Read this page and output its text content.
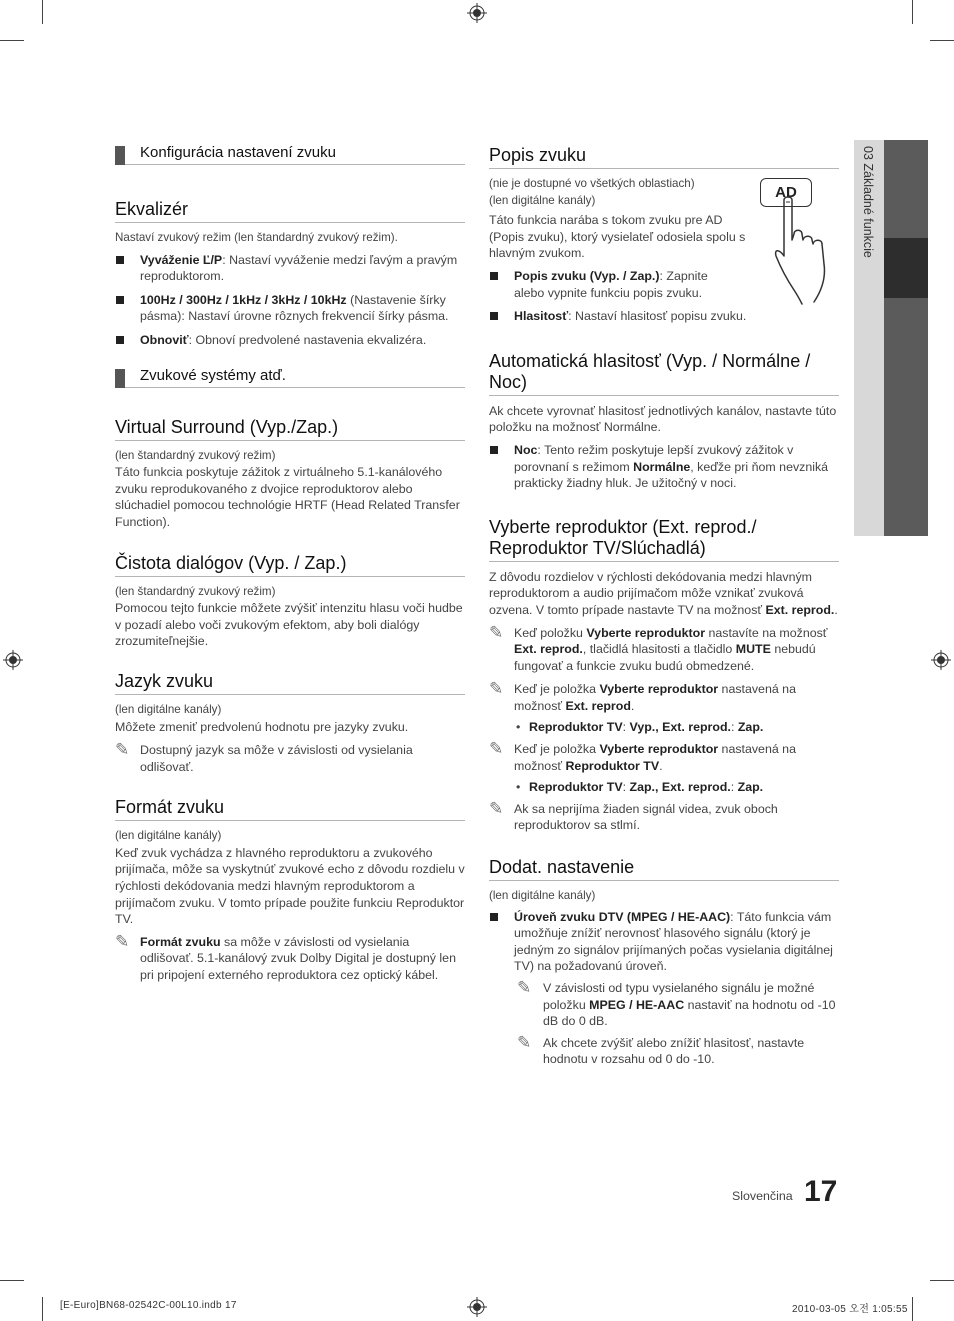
03 Základné funkcie
Konfigurácia nastavení zvuku
Ekvalizér

Nastaví zvukový režim (len štandardný zvukový režim).

Vyváženie Ľ/P: Nastaví vyváženie medzi ľavým a pravým reproduktorom.
100Hz / 300Hz / 1kHz / 3kHz / 10kHz (Nastavenie šírky pásma): Nastaví úrovne rôznych frekvencií šírky pásma.
Obnoviť: Obnoví predvolené nastavenia ekvalizéra.
Zvukové systémy atď.
Virtual Surround (Vyp./Zap.)

(len štandardný zvukový režim)

Táto funkcia poskytuje zážitok z virtuálneho 5.1-kanálového zvuku reprodukovaného z dvojice reproduktorov alebo slúchadiel pomocou technológie HRTF (Head Related Transfer Function).

Čistota dialógov (Vyp. / Zap.)

(len štandardný zvukový režim)

Pomocou tejto funkcie môžete zvýšiť intenzitu hlasu voči hudbe v pozadí alebo voči zvukovým efektom, aby boli dialógy zrozumiteľnejšie.

Jazyk zvuku

(len digitálne kanály)

Môžete zmeniť predvolenú hodnotu pre jazyky zvuku.

✎ Dostupný jazyk sa môže v závislosti od vysielania odlišovať.
Formát zvuku

(len digitálne kanály)

Keď zvuk vychádza z hlavného reproduktoru a zvukového prijímača, môže sa vyskytnúť zvukové echo z dôvodu rozdielu v rýchlosti dekódovania medzi hlavným reproduktorom a prijímačom zvuku. V tomto prípade použite funkciu Reproduktor TV.

✎ Formát zvuku sa môže v závislosti od vysielania odlišovať. 5.1-kanálový zvuk Dolby Digital je dostupný len pri pripojení externého reproduktora cez optický kábel.
Popis zvuku

(nie je dostupné vo všetkých oblastiach)

(len digitálne kanály)

Táto funkcia narába s tokom zvuku pre AD (Popis zvuku), ktorý vysielateľ odosiela spolu s hlavným zvukom.

Popis zvuku (Vyp. / Zap.): Zapnite alebo vypnite funkciu popis zvuku.
Hlasitosť: Nastaví hlasitosť popisu zvuku.
Automatická hlasitosť (Vyp. / Normálne / Noc)

Ak chcete vyrovnať hlasitosť jednotlivých kanálov, nastavte túto položku na možnosť Normálne.

Noc: Tento režim poskytuje lepší zvukový zážitok v porovnaní s režimom Normálne, keďže pri ňom nevzniká prakticky žiadny hluk. Je užitočný v noci.
Vyberte reproduktor (Ext. reprod./ Reproduktor TV/Slúchadlá)

Z dôvodu rozdielov v rýchlosti dekódovania medzi hlavným reproduktorom a audio prijímačom môže vznikať zvuková ozvena. V tomto prípade nastavte TV na možnosť Ext. reprod..

✎ Keď položku Vyberte reproduktor nastavíte na možnosť Ext. reprod., tlačidlá hlasitosti a tlačidlo MUTE nebudú fungovať a funkcie zvuku budú obmedzené.
✎ Keď je položka Vyberte reproduktor nastavená na možnosť Ext. reprod.
• Reproduktor TV: Vyp., Ext. reprod.: Zap.
✎ Keď je položka Vyberte reproduktor nastavená na možnosť Reproduktor TV.
• Reproduktor TV: Zap., Ext. reprod.: Zap.
✎ Ak sa neprijíma žiaden signál videa, zvuk oboch reproduktorov sa stlmí.
Dodat. nastavenie

(len digitálne kanály)

Úroveň zvuku DTV (MPEG / HE-AAC): Táto funkcia vám umožňuje znížiť nerovnosť hlasového signálu (ktorý je jedným zo signálov prijímaných počas vysielania digitálnej TV) na požadovanú úroveň.
✎ V závislosti od typu vysielaného signálu je možné položku MPEG / HE-AAC nastaviť na hodnotu od -10 dB do 0 dB.
✎ Ak chcete zvýšiť alebo znížiť hlasitosť, nastavte hodnotu v rozsahu od 0 do -10.
AD
Slovenčina 17
[E-Euro]BN68-02542C-00L10.indb 17	2010-03-05 오전 1:05:55
